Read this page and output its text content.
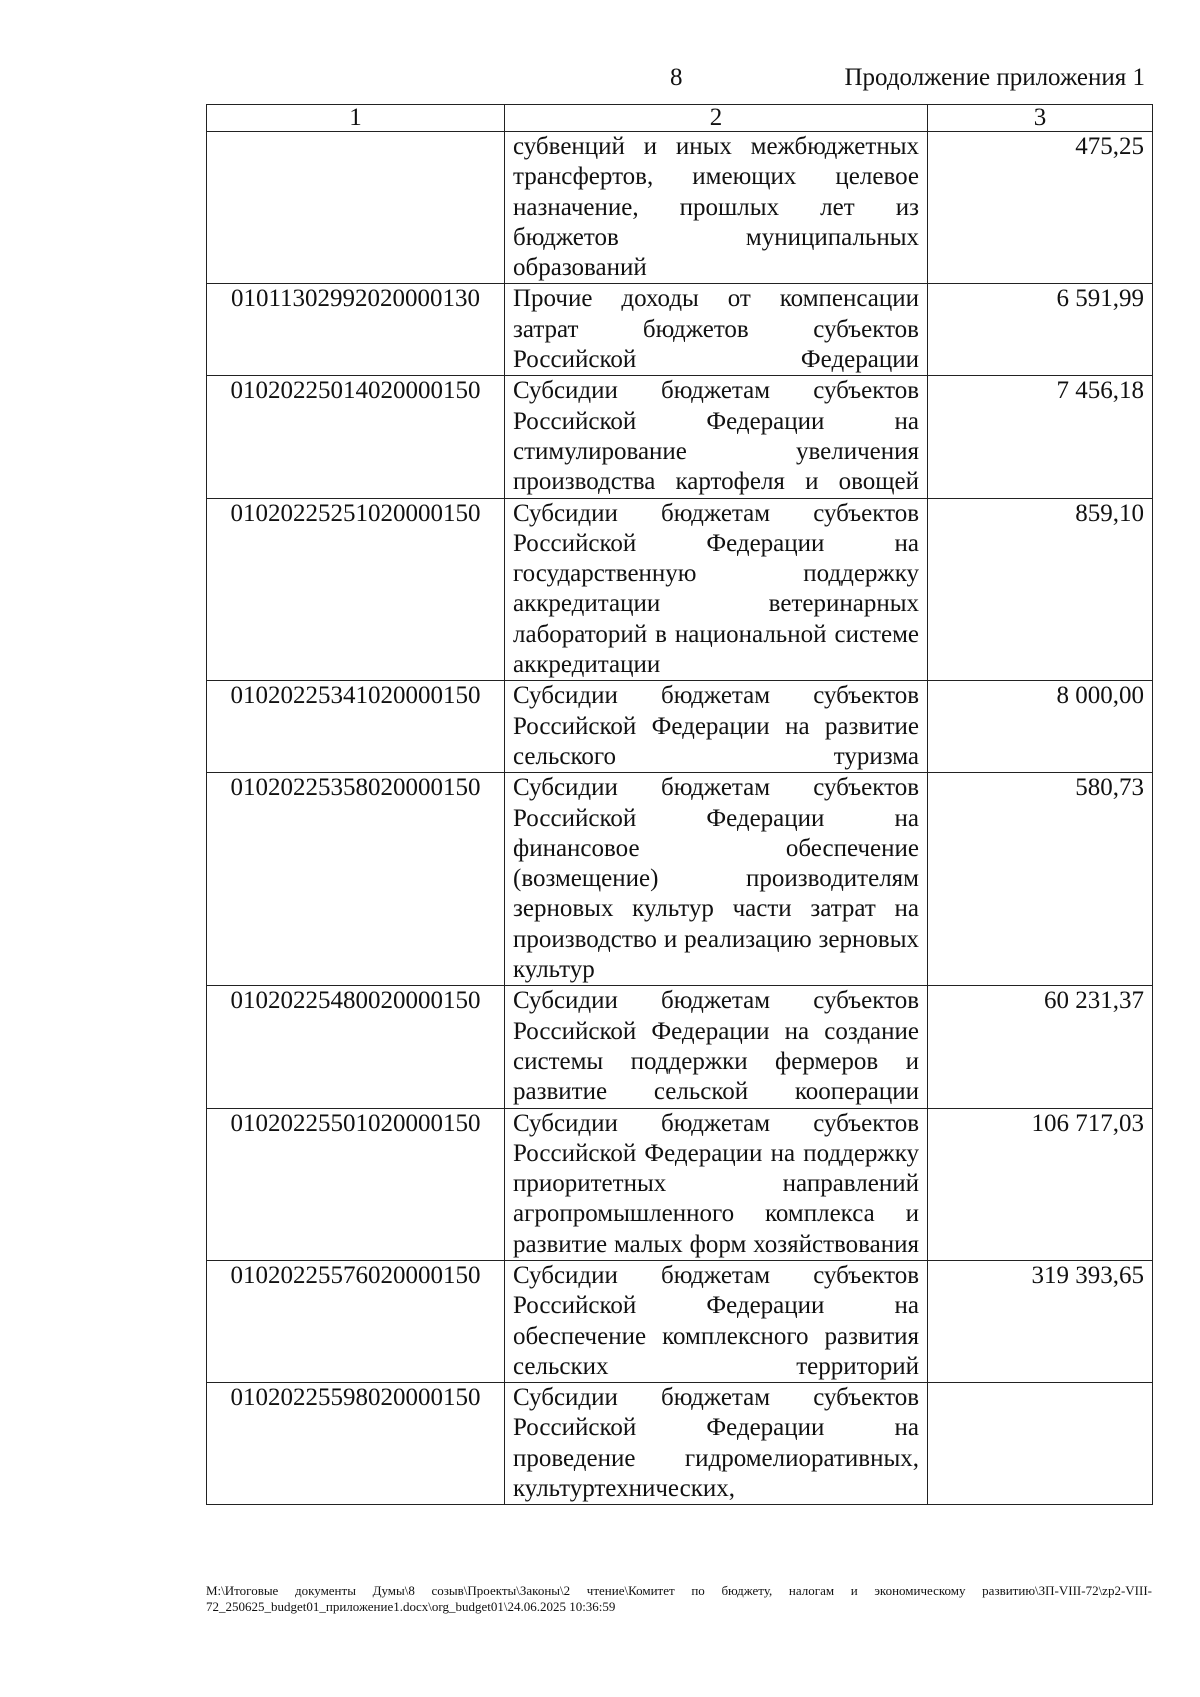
8	Продолжение приложения 1
1	2	3
	субвенций и иных межбюджетных трансфертов, имеющих целевое назначение, прошлых лет из бюджетов муниципальных образований	475,25
01011302992020000130	Прочие доходы от компенсации затрат бюджетов субъектов Российской Федерации	6 591,99
01020225014020000150	Субсидии бюджетам субъектов Российской Федерации на стимулирование увеличения производства картофеля и овощей	7 456,18
01020225251020000150	Субсидии бюджетам субъектов Российской Федерации на государственную поддержку аккредитации ветеринарных лабораторий в национальной системе аккредитации	859,10
01020225341020000150	Субсидии бюджетам субъектов Российской Федерации на развитие сельского туризма	8 000,00
01020225358020000150	Субсидии бюджетам субъектов Российской Федерации на финансовое обеспечение (возмещение) производителям зерновых культур части затрат на производство и реализацию зерновых культур	580,73
01020225480020000150	Субсидии бюджетам субъектов Российской Федерации на создание системы поддержки фермеров и развитие сельской кооперации	60 231,37
01020225501020000150	Субсидии бюджетам субъектов Российской Федерации на поддержку приоритетных направлений агропромышленного комплекса и развитие малых форм хозяйствования	106 717,03
01020225576020000150	Субсидии бюджетам субъектов Российской Федерации на обеспечение комплексного развития сельских территорий	319 393,65
01020225598020000150	Субсидии бюджетам субъектов Российской Федерации на проведение гидромелиоративных, культуртехнических,	
M:\Итоговые документы Думы\8 созыв\Проекты\Законы\2 чтение\Комитет по бюджету, налогам и экономическому развитию\ЗП-VIII-72\zp2-VIII-72_250625_budget01_приложение1.docx\org_budget01\24.06.2025 10:36:59
